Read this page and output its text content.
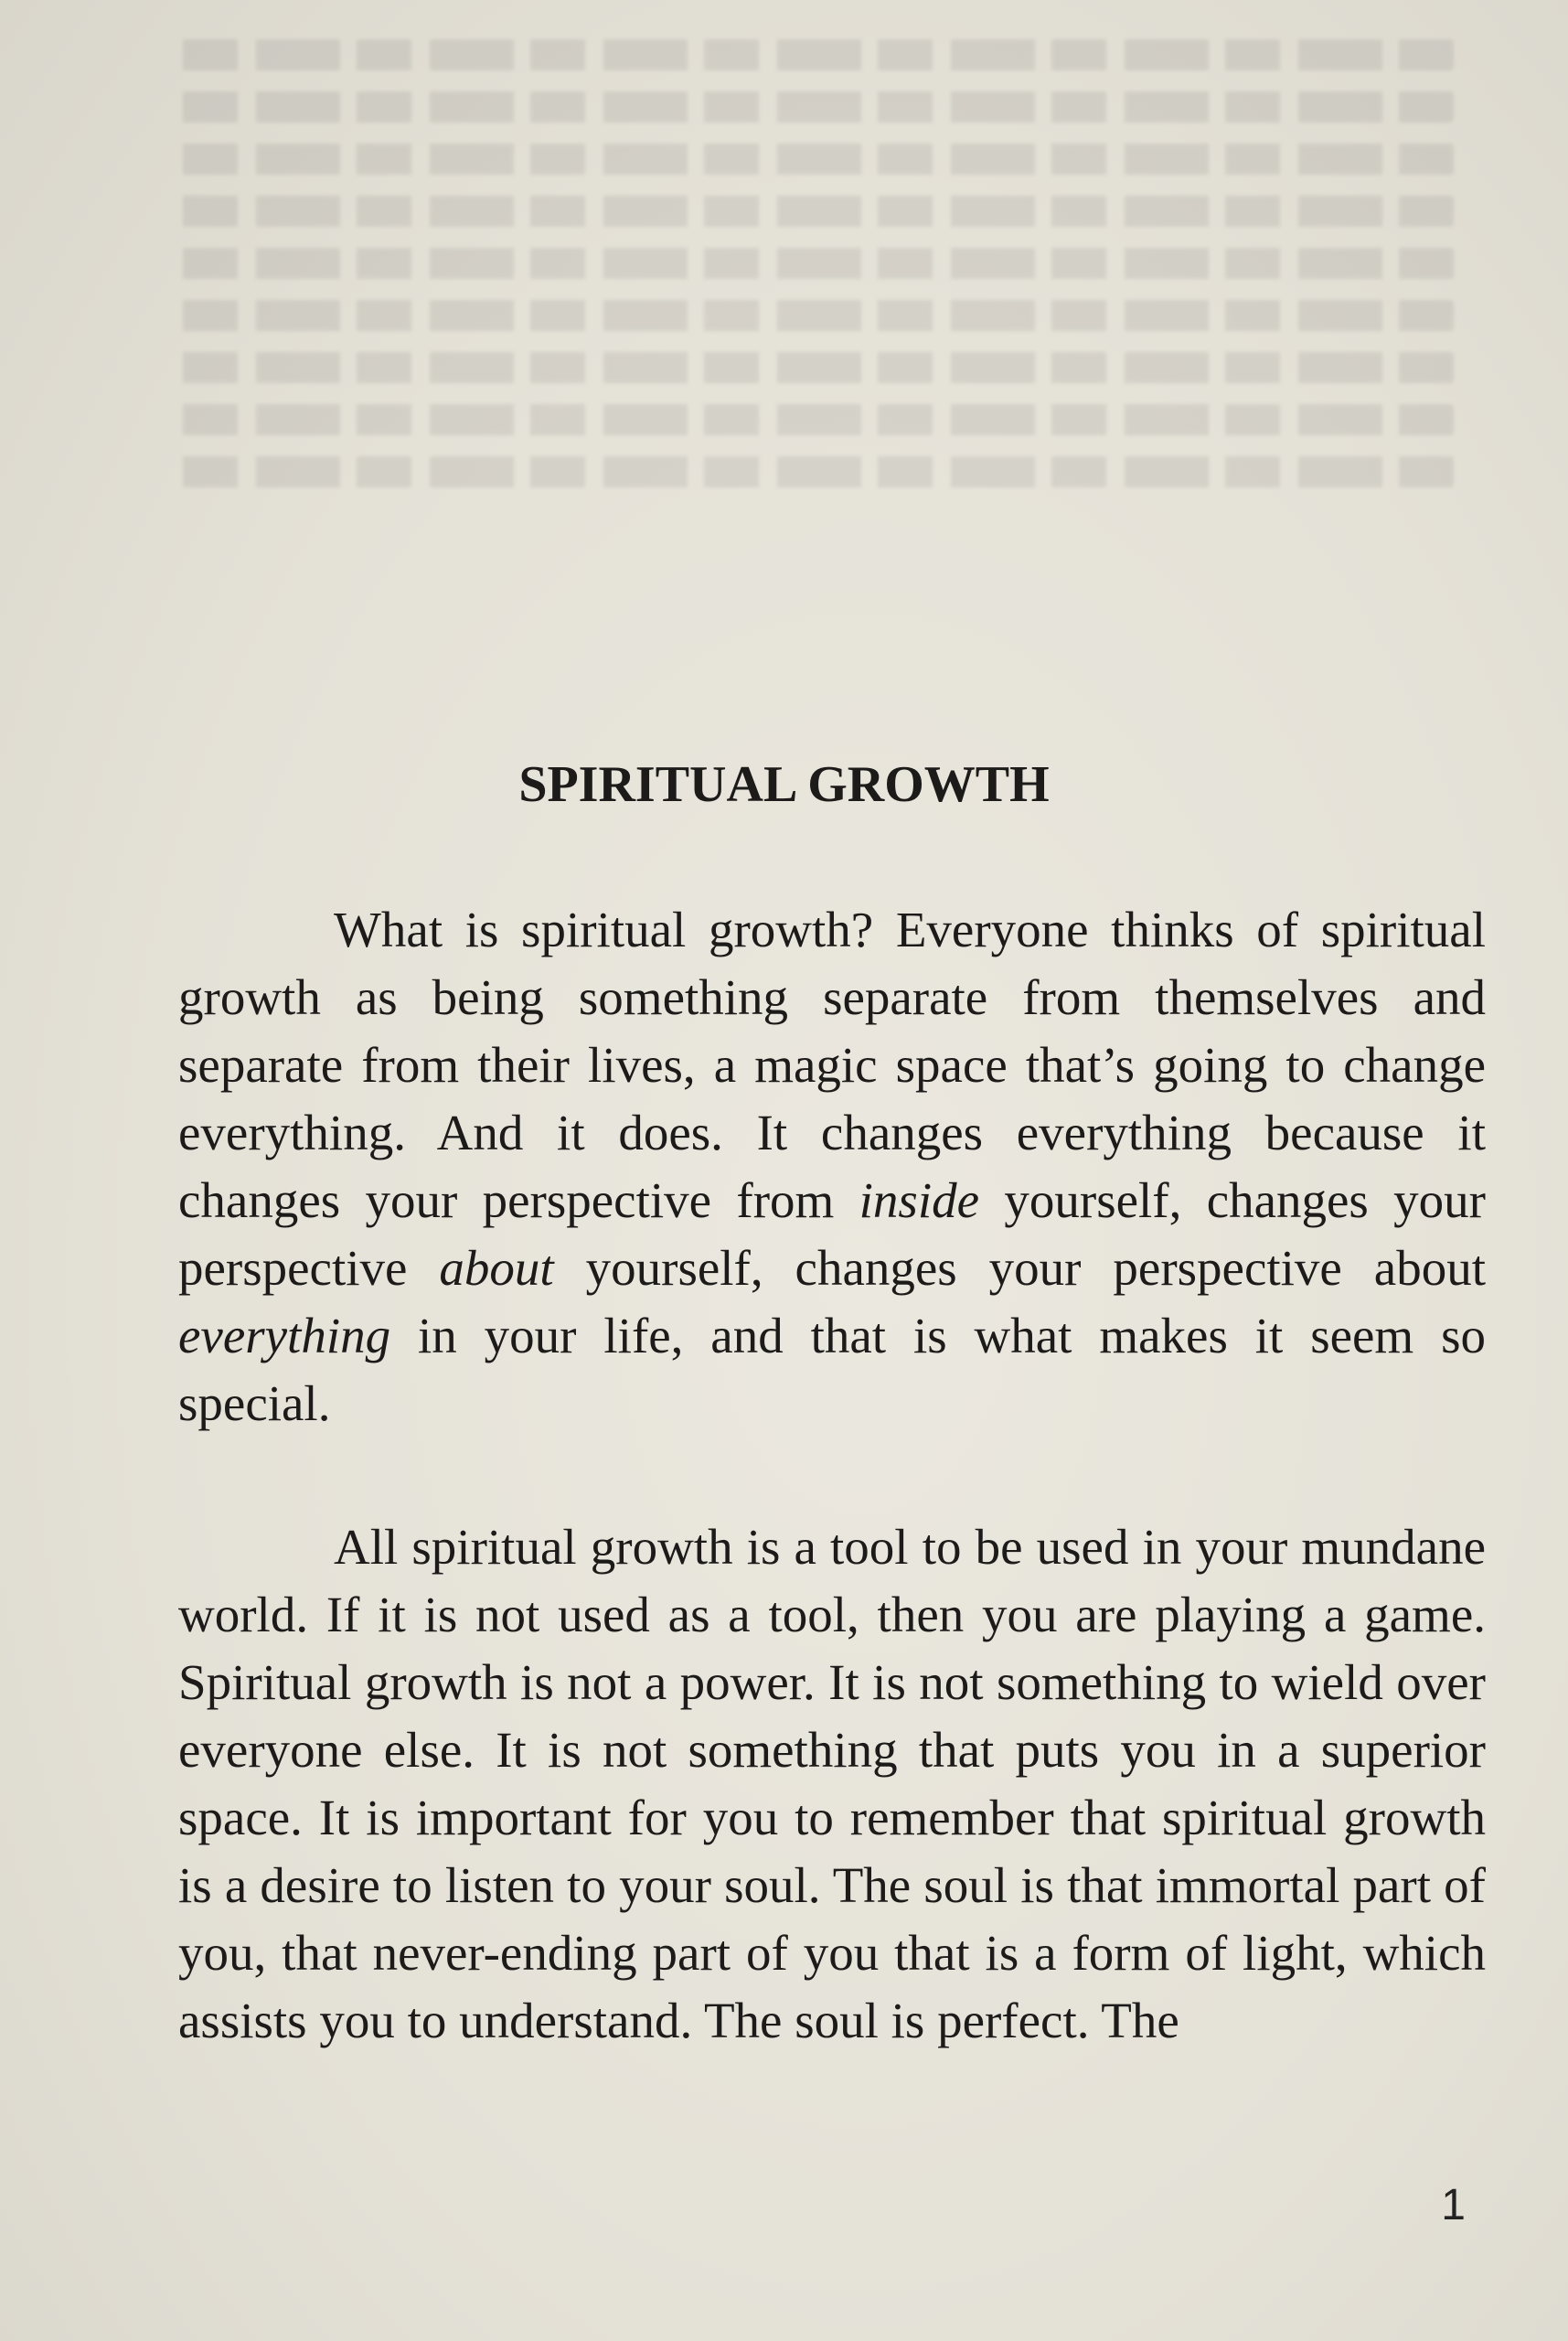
SPIRITUAL GROWTH

What is spiritual growth? Everyone thinks of spiritual growth as being something separate from themselves and separate from their lives, a magic space that’s going to change everything. And it does. It changes everything because it changes your perspective from inside yourself, changes your perspective about yourself, changes your perspective about everything in your life, and that is what makes it seem so special.

All spiritual growth is a tool to be used in your mundane world. If it is not used as a tool, then you are playing a game. Spiritual growth is not a power. It is not something to wield over everyone else. It is not something that puts you in a superior space. It is important for you to remember that spiritual growth is a desire to listen to your soul. The soul is that immortal part of you, that never-ending part of you that is a form of light, which assists you to understand. The soul is perfect. The

1
